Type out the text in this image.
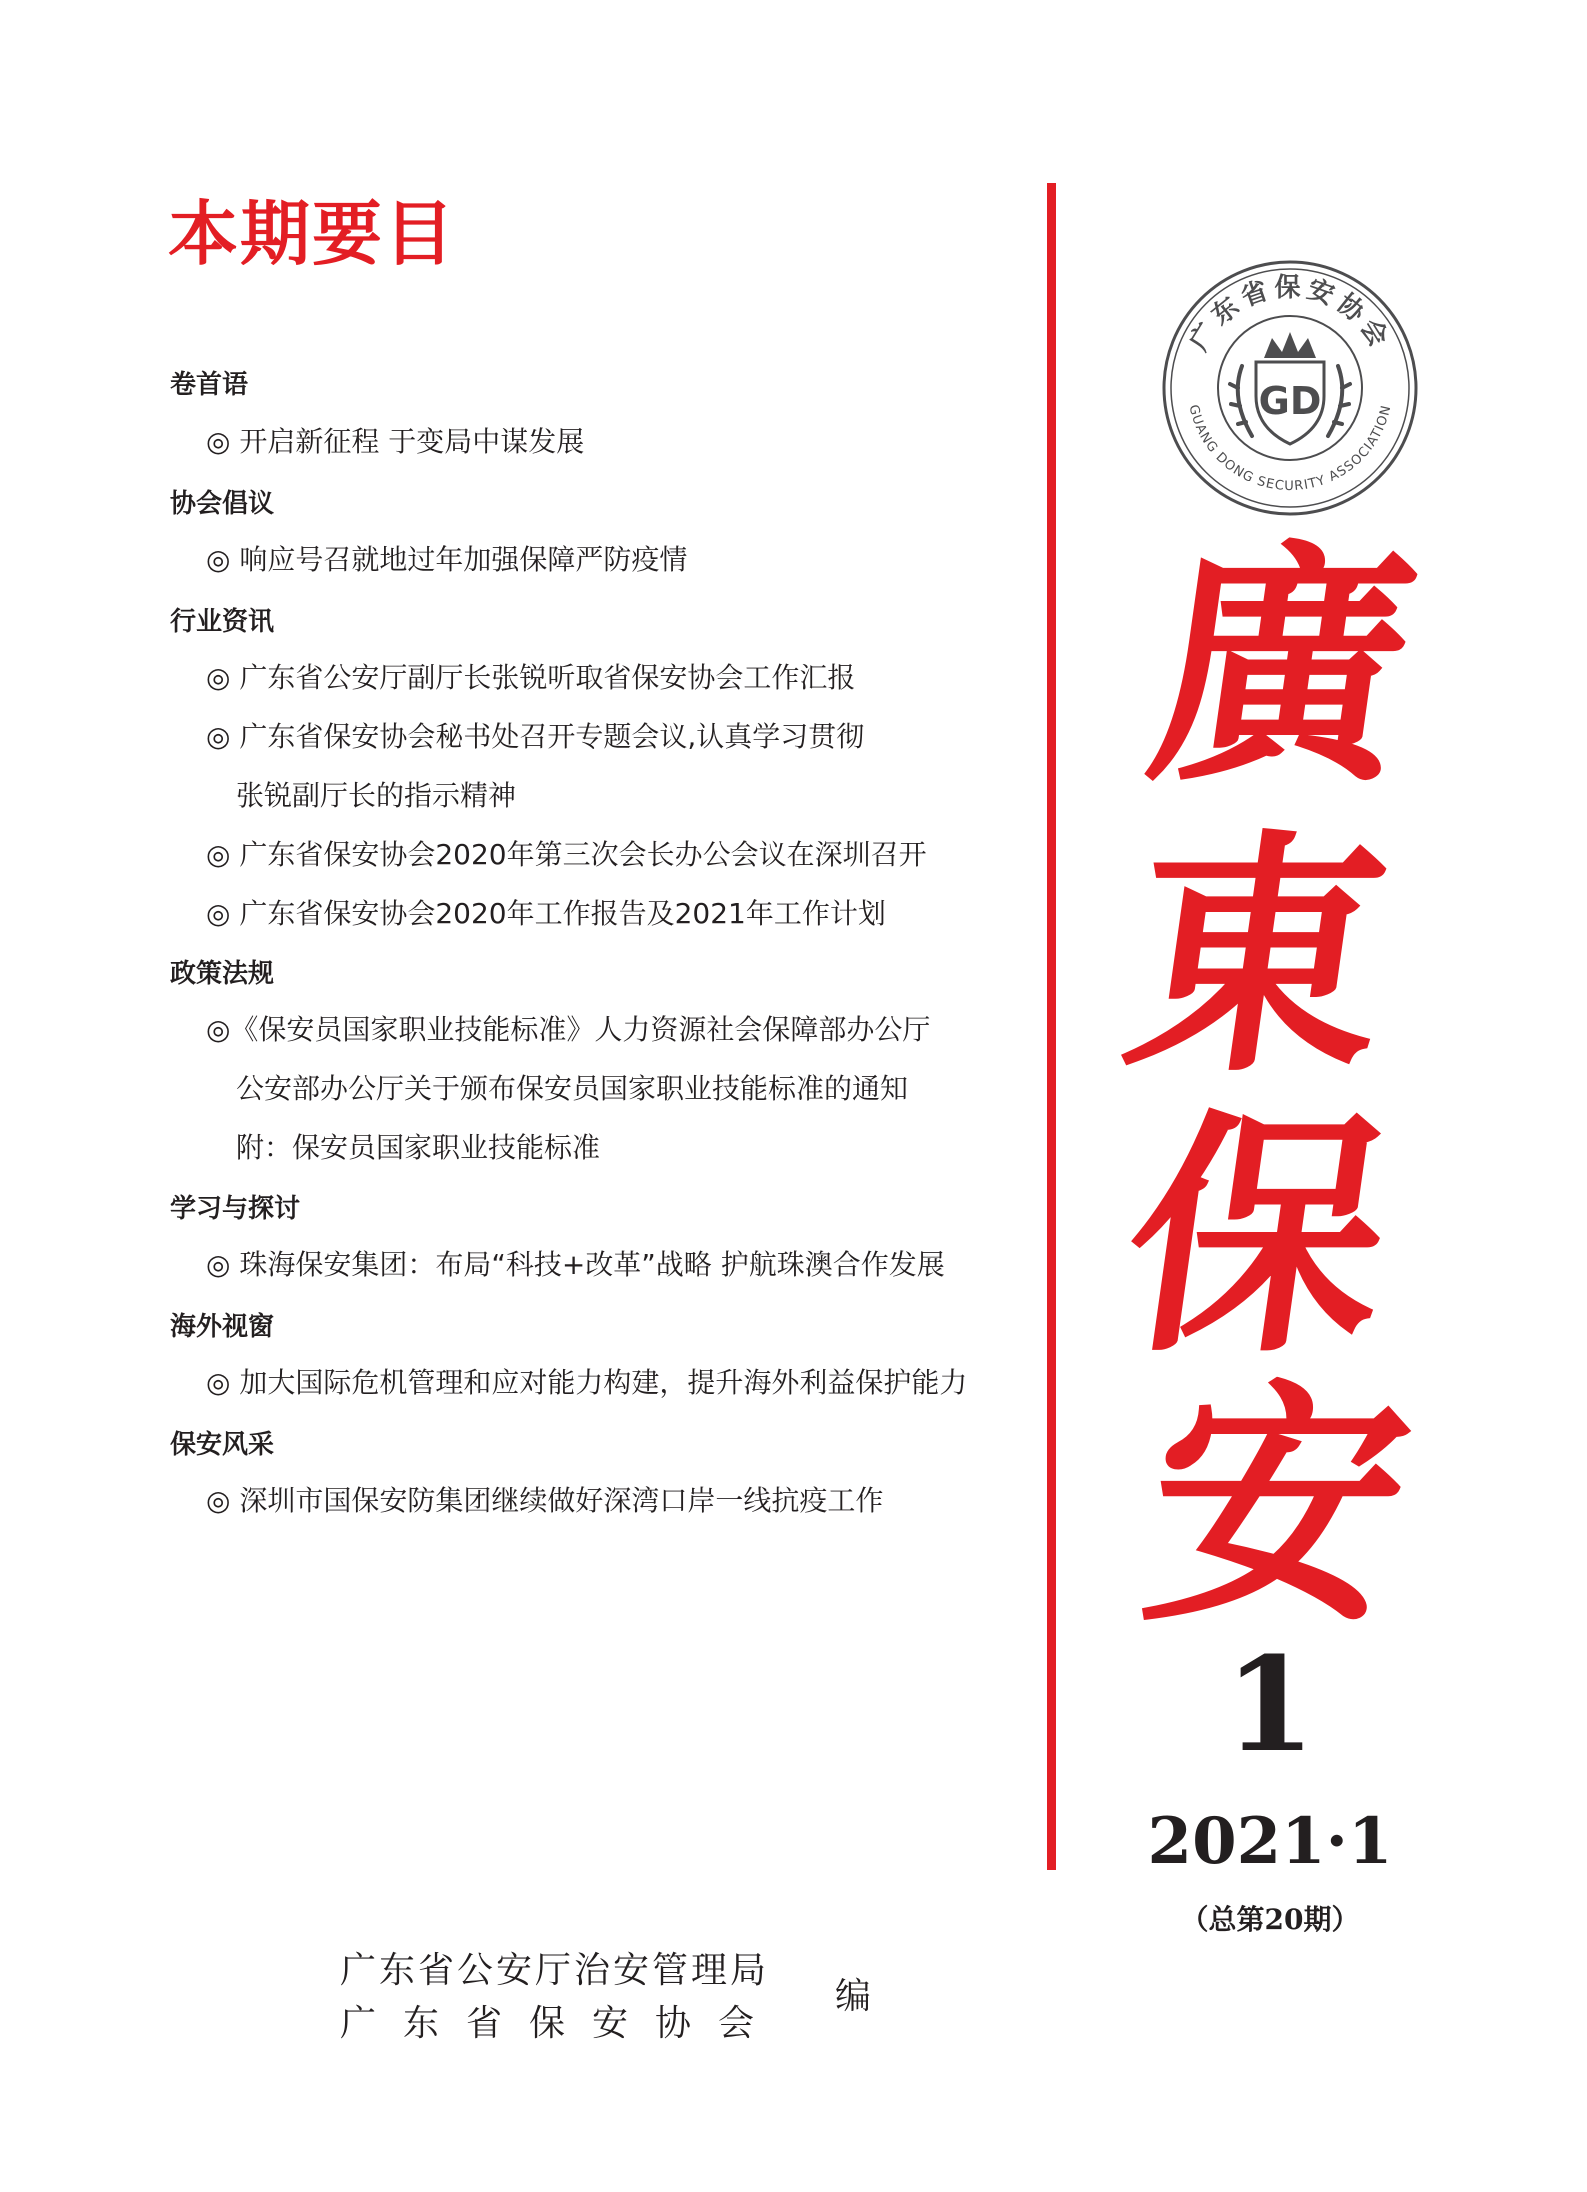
本期要目
卷首语
◎ 开启新征程 于变局中谋发展
协会倡议
◎ 响应号召就地过年加强保障严防疫情
行业资讯
◎ 广东省公安厅副厅长张锐听取省保安协会工作汇报
◎ 广东省保安协会秘书处召开专题会议,认真学习贯彻
张锐副厅长的指示精神
◎ 广东省保安协会2020年第三次会长办公会议在深圳召开
◎ 广东省保安协会2020年工作报告及2021年工作计划
政策法规
◎《保安员国家职业技能标准》人力资源社会保障部办公厅
公安部办公厅关于颁布保安员国家职业技能标准的通知
附：保安员国家职业技能标准
学习与探讨
◎ 珠海保安集团：布局“科技+改革”战略 护航珠澳合作发展
海外视窗
◎ 加大国际危机管理和应对能力构建，提升海外利益保护能力
保安风采
◎ 深圳市国保安防集团继续做好深湾口岸一线抗疫工作
广东省保安协会
GUANG DONG SECURITY ASSOCIATION
GD
廣
東
保
安
1
2021·1
（总第20期）
广东省公安厅治安管理局
广东省保安协会
编
